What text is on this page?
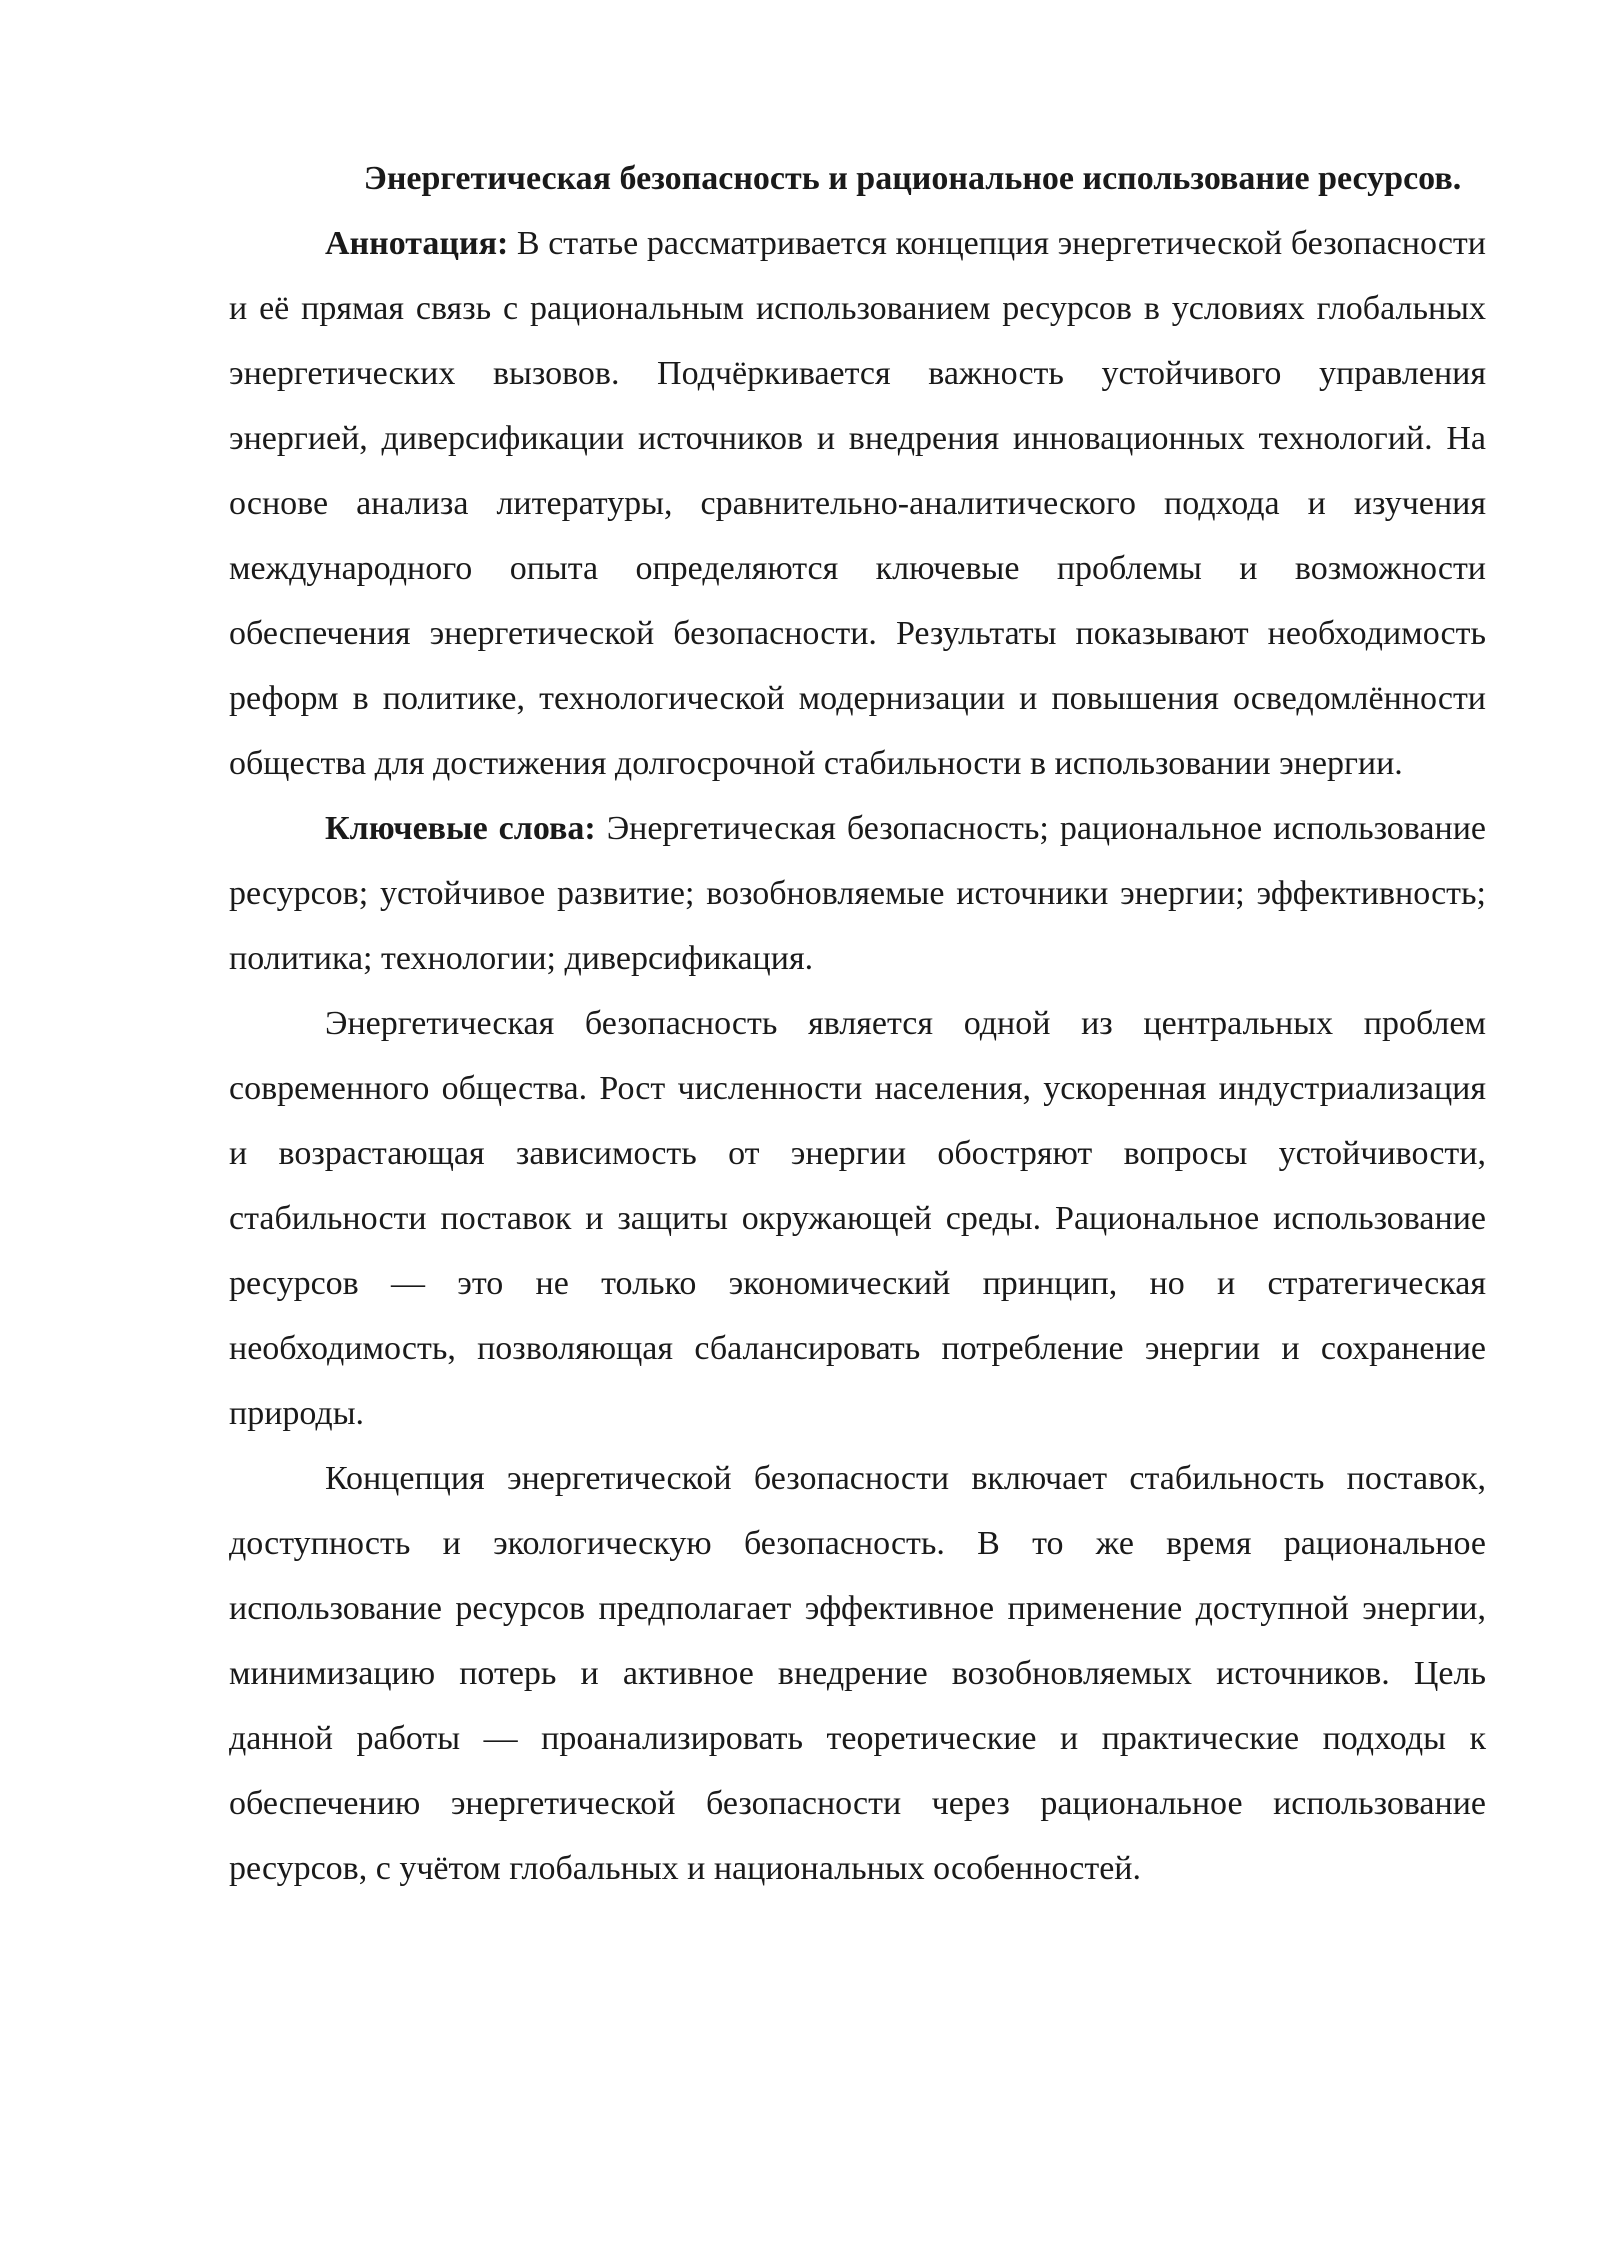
Энергетическая безопасность и рациональное использование ресурсов.

Аннотация: В статье рассматривается концепция энергетической безопасности и её прямая связь с рациональным использованием ресурсов в условиях глобальных энергетических вызовов. Подчёркивается важность устойчивого управления энергией, диверсификации источников и внедрения инновационных технологий. На основе анализа литературы, сравнительно-аналитического подхода и изучения международного опыта определяются ключевые проблемы и возможности обеспечения энергетической безопасности. Результаты показывают необходимость реформ в политике, технологической модернизации и повышения осведомлённости общества для достижения долгосрочной стабильности в использовании энергии.

Ключевые слова: Энергетическая безопасность; рациональное использование ресурсов; устойчивое развитие; возобновляемые источники энергии; эффективность; политика; технологии; диверсификация.

Энергетическая безопасность является одной из центральных проблем современного общества. Рост численности населения, ускоренная индустриализация и возрастающая зависимость от энергии обостряют вопросы устойчивости, стабильности поставок и защиты окружающей среды. Рациональное использование ресурсов — это не только экономический принцип, но и стратегическая необходимость, позволяющая сбалансировать потребление энергии и сохранение природы.

Концепция энергетической безопасности включает стабильность поставок, доступность и экологическую безопасность. В то же время рациональное использование ресурсов предполагает эффективное применение доступной энергии, минимизацию потерь и активное внедрение возобновляемых источников. Цель данной работы — проанализировать теоретические и практические подходы к обеспечению энергетической безопасности через рациональное использование ресурсов, с учётом глобальных и национальных особенностей.
